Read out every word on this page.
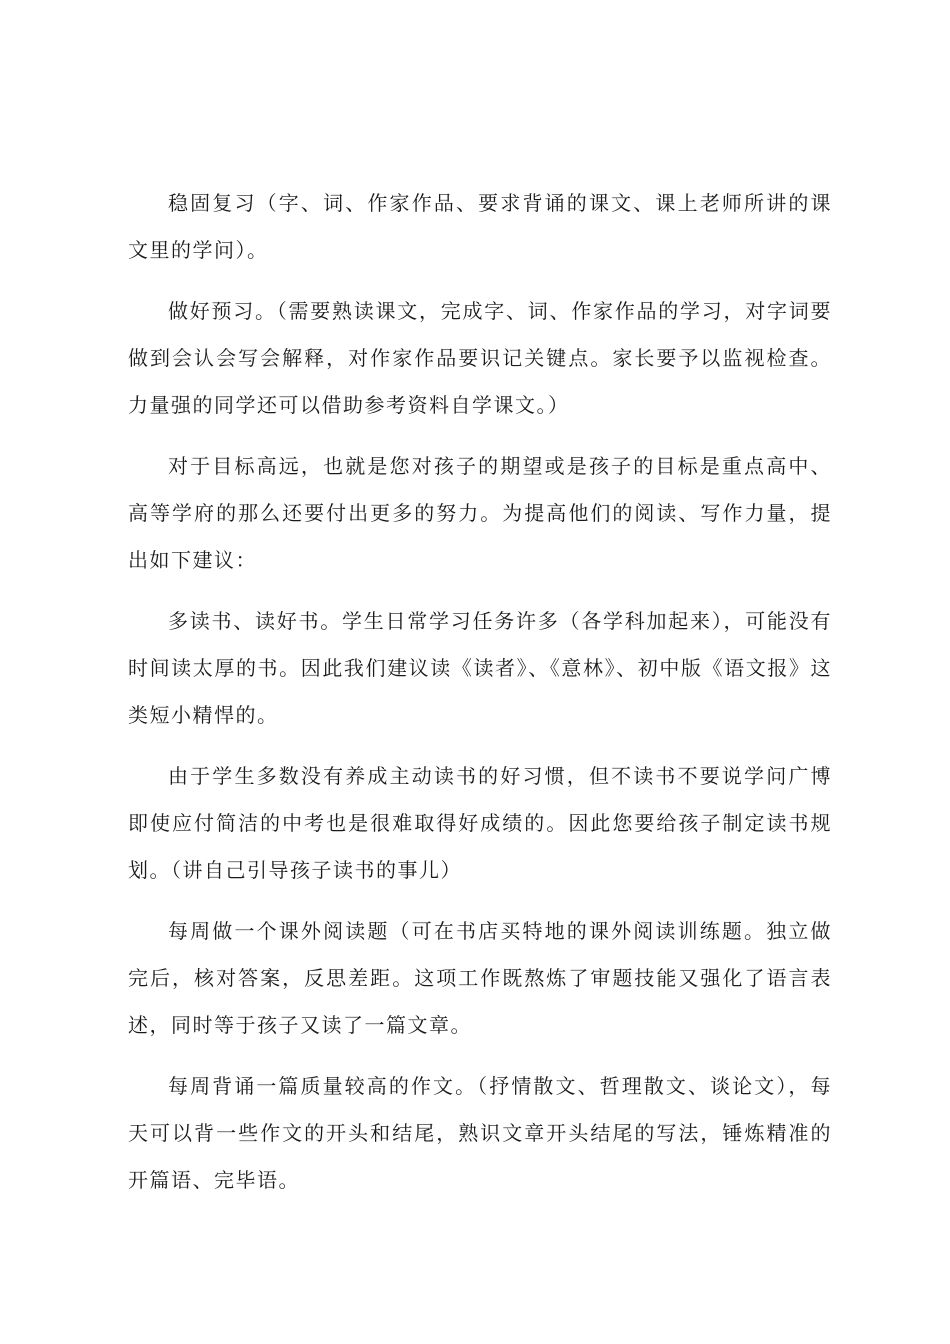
稳固复习（字、词、作家作品、要求背诵的课文、课上老师所讲的课文里的学问）。

做好预习。（需要熟读课文，完成字、词、作家作品的学习，对字词要做到会认会写会解释，对作家作品要识记关键点。家长要予以监视检查。力量强的同学还可以借助参考资料自学课文。）

对于目标高远，也就是您对孩子的期望或是孩子的目标是重点高中、高等学府的那么还要付出更多的努力。为提高他们的阅读、写作力量，提出如下建议：

多读书、读好书。学生日常学习任务许多（各学科加起来），可能没有时间读太厚的书。因此我们建议读《读者》、《意林》、初中版《语文报》这类短小精悍的。

由于学生多数没有养成主动读书的好习惯，但不读书不要说学问广博即使应付简洁的中考也是很难取得好成绩的。因此您要给孩子制定读书规划。（讲自己引导孩子读书的事儿）

每周做一个课外阅读题（可在书店买特地的课外阅读训练题。独立做完后，核对答案，反思差距。这项工作既熬炼了审题技能又强化了语言表述，同时等于孩子又读了一篇文章。

每周背诵一篇质量较高的作文。（抒情散文、哲理散文、谈论文），每天可以背一些作文的开头和结尾，熟识文章开头结尾的写法，锤炼精准的开篇语、完毕语。
